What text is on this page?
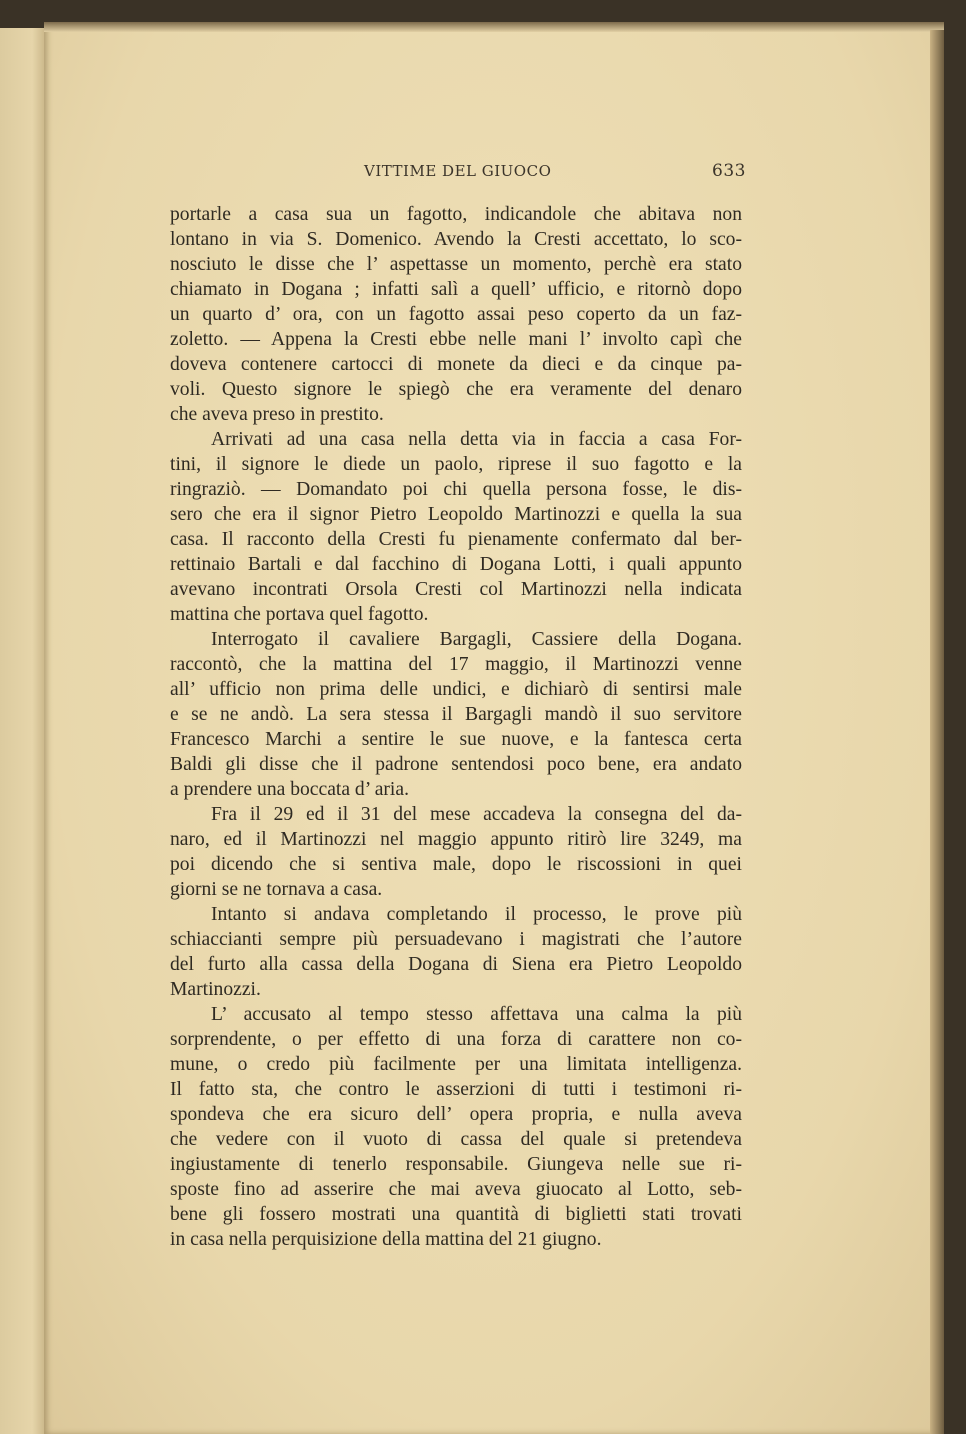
VITTIME DEL GIUOCO	633
portarle a casa sua un fagotto, indicandole che abitava non
lontano in via S. Domenico. Avendo la Cresti accettato, lo sco-
nosciuto le disse che l’ aspettasse un momento, perchè era stato
chiamato in Dogana ; infatti salì a quell’ ufficio, e ritornò dopo
un quarto d’ ora, con un fagotto assai peso coperto da un faz-
zoletto. — Appena la Cresti ebbe nelle mani l’ involto capì che
doveva contenere cartocci di monete da dieci e da cinque pa-
voli. Questo signore le spiegò che era veramente del denaro
che aveva preso in prestito.
Arrivati ad una casa nella detta via in faccia a casa For-
tini, il signore le diede un paolo, riprese il suo fagotto e la
ringraziò. — Domandato poi chi quella persona fosse, le dis-
sero che era il signor Pietro Leopoldo Martinozzi e quella la sua
casa. Il racconto della Cresti fu pienamente confermato dal ber-
rettinaio Bartali e dal facchino di Dogana Lotti, i quali appunto
avevano incontrati Orsola Cresti col Martinozzi nella indicata
mattina che portava quel fagotto.
Interrogato il cavaliere Bargagli, Cassiere della Dogana.
raccontò, che la mattina del 17 maggio, il Martinozzi venne
all’ ufficio non prima delle undici, e dichiarò di sentirsi male
e se ne andò. La sera stessa il Bargagli mandò il suo servitore
Francesco Marchi a sentire le sue nuove, e la fantesca certa
Baldi gli disse che il padrone sentendosi poco bene, era andato
a prendere una boccata d’ aria.
Fra il 29 ed il 31 del mese accadeva la consegna del da-
naro, ed il Martinozzi nel maggio appunto ritirò lire 3249, ma
poi dicendo che si sentiva male, dopo le riscossioni in quei
giorni se ne tornava a casa.
Intanto si andava completando il processo, le prove più
schiaccianti sempre più persuadevano i magistrati che l’autore
del furto alla cassa della Dogana di Siena era Pietro Leopoldo
Martinozzi.
L’ accusato al tempo stesso affettava una calma la più
sorprendente, o per effetto di una forza di carattere non co-
mune, o credo più facilmente per una limitata intelligenza.
Il fatto sta, che contro le asserzioni di tutti i testimoni ri-
spondeva che era sicuro dell’ opera propria, e nulla aveva
che vedere con il vuoto di cassa del quale si pretendeva
ingiustamente di tenerlo responsabile. Giungeva nelle sue ri-
sposte fino ad asserire che mai aveva giuocato al Lotto, seb-
bene gli fossero mostrati una quantità di biglietti stati trovati
in casa nella perquisizione della mattina del 21 giugno.
